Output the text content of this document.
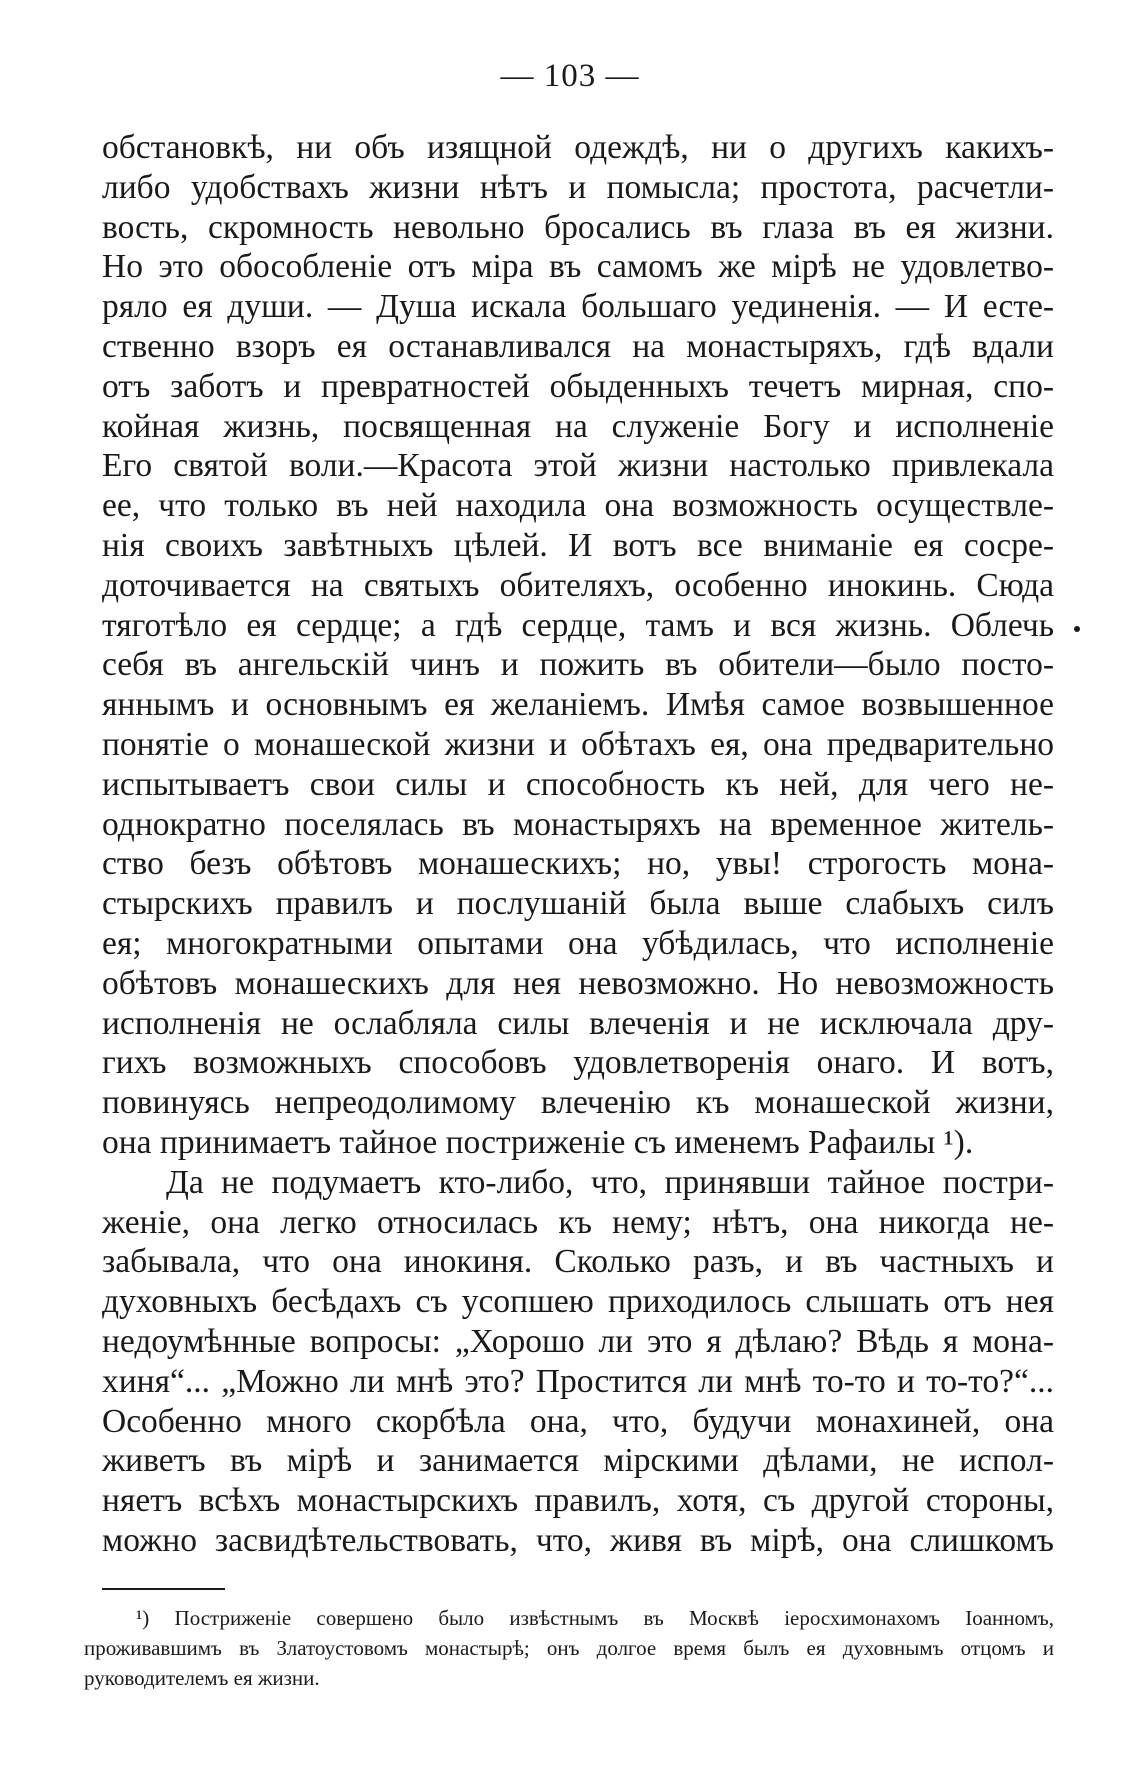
— 103 —
обстановкѣ, ни объ изящной одеждѣ, ни о другихъ какихъ-
либо удобствахъ жизни нѣтъ и помысла; простота, расчетли-
вость, скромность невольно бросались въ глаза въ ея жизни.
Но это обособленіе отъ міра въ самомъ же мірѣ не удовлетво-
ряло ея души. — Душа искала большаго уединенія. — И есте-
ственно взоръ ея останавливался на монастыряхъ, гдѣ вдали
отъ заботъ и превратностей обыденныхъ течетъ мирная, спо-
койная жизнь, посвященная на служеніе Богу и исполненіе
Его святой воли.—Красота этой жизни настолько привлекала
ее, что только въ ней находила она возможность осуществле-
нія своихъ завѣтныхъ цѣлей. И вотъ все вниманіе ея сосре-
доточивается на святыхъ обителяхъ, особенно инокинь. Сюда
тяготѣло ея сердце; а гдѣ сердце, тамъ и вся жизнь. Облечь
себя въ ангельскій чинъ и пожить въ обители—было посто-
яннымъ и основнымъ ея желаніемъ. Имѣя самое возвышенное
понятіе о монашеской жизни и обѣтахъ ея, она предварительно
испытываетъ свои силы и способность къ ней, для чего не-
однократно поселялась въ монастыряхъ на временное житель-
ство безъ обѣтовъ монашескихъ; но, увы! строгость мона-
стырскихъ правилъ и послушаній была выше слабыхъ силъ
ея; многократными опытами она убѣдилась, что исполненіе
обѣтовъ монашескихъ для нея невозможно. Но невозможность
исполненія не ослабляла силы влеченія и не исключала дру-
гихъ возможныхъ способовъ удовлетворенія онаго. И вотъ,
повинуясь непреодолимому влеченію къ монашеской жизни,
она принимаетъ тайное постриженіе съ именемъ Рафаилы ¹).
Да не подумаетъ кто-либо, что, принявши тайное постри-
женіе, она легко относилась къ нему; нѣтъ, она никогда не-
забывала, что она инокиня. Сколько разъ, и въ частныхъ и
духовныхъ бесѣдахъ съ усопшею приходилось слышать отъ нея
недоумѣнные вопросы: „Хорошо ли это я дѣлаю? Вѣдь я мона-
хиня“... „Можно ли мнѣ это? Простится ли мнѣ то-то и то-то?“...
Особенно много скорбѣла она, что, будучи монахиней, она
живетъ въ мірѣ и занимается мірскими дѣлами, не испол-
няетъ всѣхъ монастырскихъ правилъ, хотя, съ другой стороны,
можно засвидѣтельствовать, что, живя въ мірѣ, она слишкомъ
¹) Постриженіе совершено было извѣстнымъ въ Москвѣ іеросхимонахомъ Іоанномъ,
проживавшимъ въ Златоустовомъ монастырѣ; онъ долгое время былъ ея духовнымъ отцомъ и
руководителемъ ея жизни.
